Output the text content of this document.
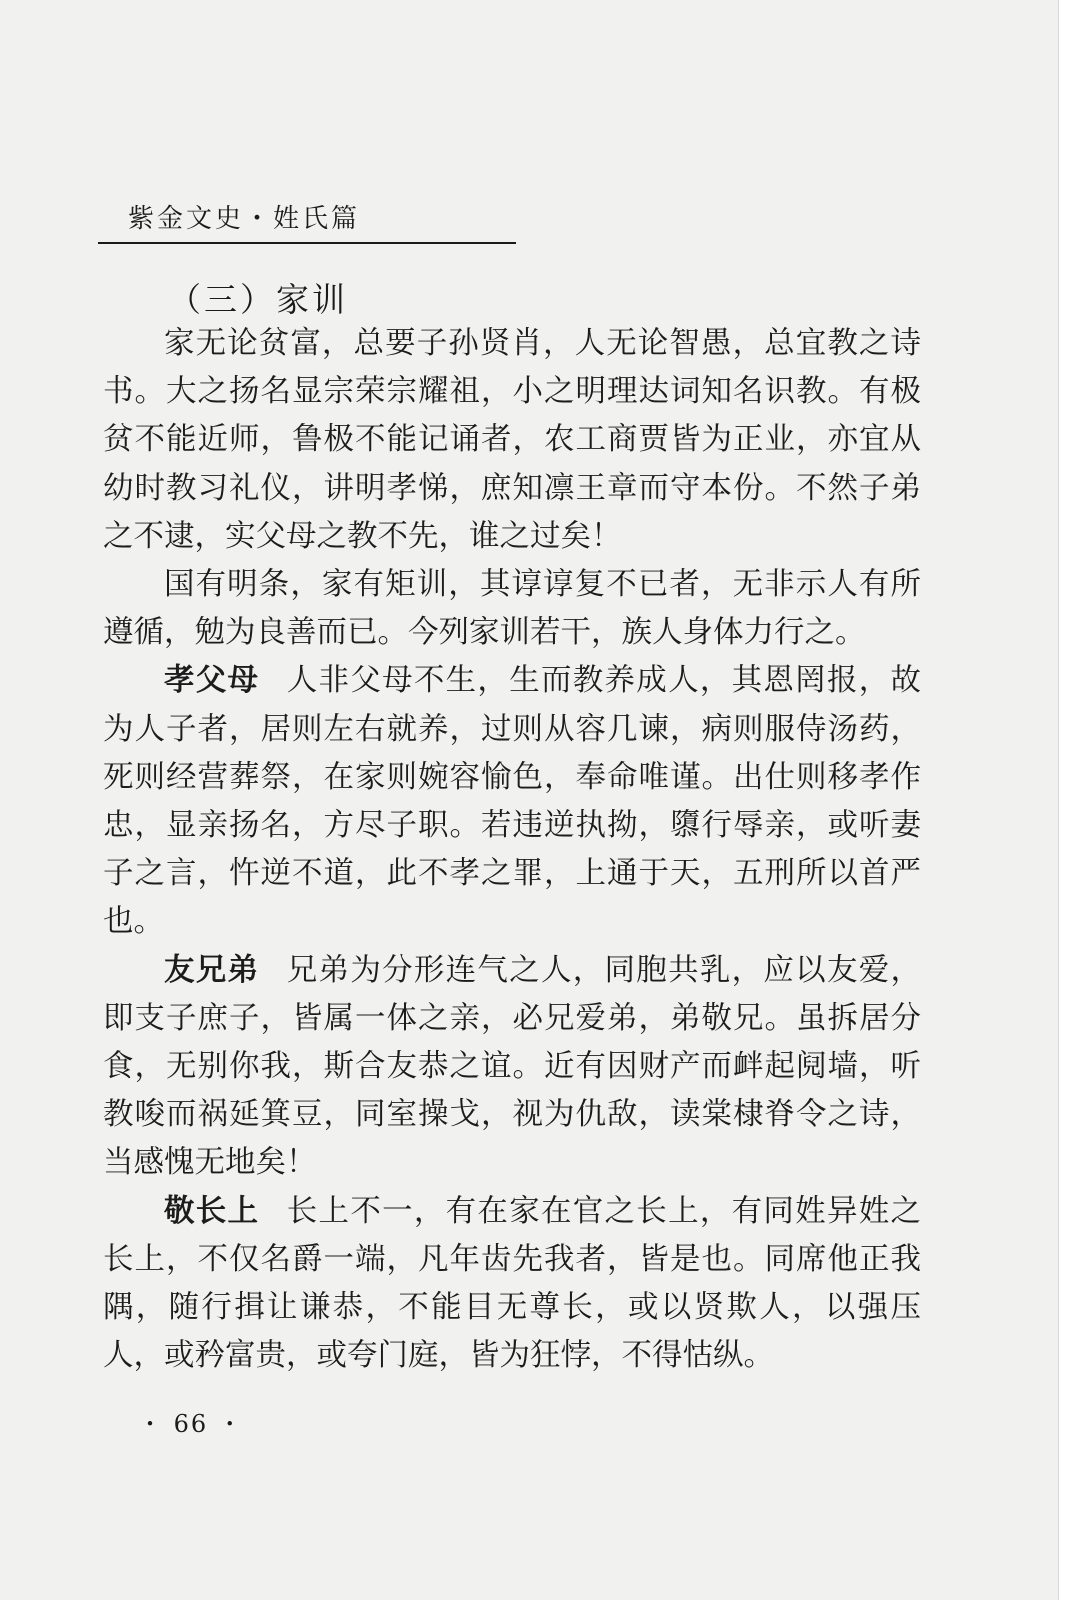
紫金文史・姓氏篇
（三）家训

家无论贫富，总要子孙贤肖，人无论智愚，总宜教之诗书。大之扬名显宗荣宗耀祖，小之明理达词知名识教。有极贫不能近师，鲁极不能记诵者，农工商贾皆为正业，亦宜从幼时教习礼仪，讲明孝悌，庶知凛王章而守本份。不然子弟之不逮，实父母之教不先，谁之过矣！

国有明条，家有矩训，其谆谆复不已者，无非示人有所遵循，勉为良善而已。今列家训若干，族人身体力行之。

孝父母 人非父母不生，生而教养成人，其恩罔报，故为人子者，居则左右就养，过则从容几谏，病则服侍汤药，死则经营葬祭，在家则婉容愉色，奉命唯谨。出仕则移孝作忠，显亲扬名，方尽子职。若违逆执拗，隳行辱亲，或听妻子之言，忤逆不道，此不孝之罪，上通于天，五刑所以首严也。

友兄弟 兄弟为分形连气之人，同胞共乳，应以友爱，即支子庶子，皆属一体之亲，必兄爱弟，弟敬兄。虽拆居分食，无别你我，斯合友恭之谊。近有因财产而衅起阋墙，听教唆而祸延箕豆，同室操戈，视为仇敌，读棠棣脊令之诗，当感愧无地矣！

敬长上 长上不一，有在家在官之长上，有同姓异姓之长上，不仅名爵一端，凡年齿先我者，皆是也。同席他正我隅，随行揖让谦恭，不能目无尊长，或以贤欺人，以强压人，或矜富贵，或夸门庭，皆为狂悖，不得怙纵。

・ 66 ・
